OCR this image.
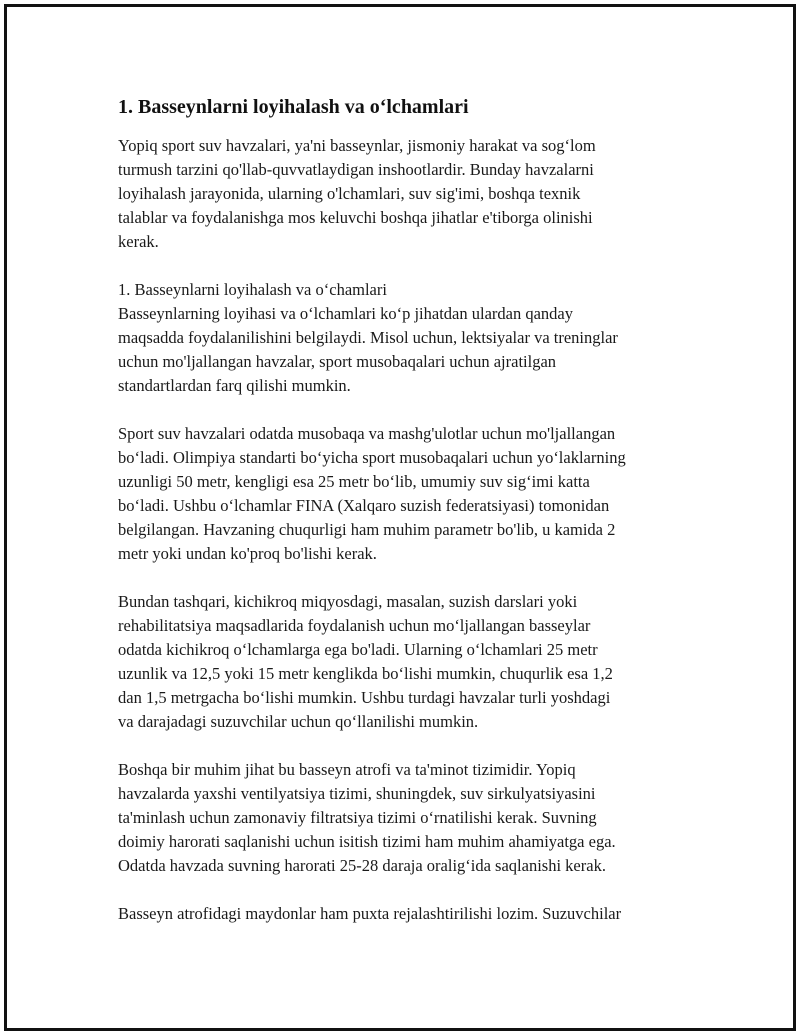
1. Basseynlarni loyihalash va o‘lchamlari

Yopiq sport suv havzalari, ya'ni basseynlar, jismoniy harakat va sog‘lom
turmush tarzini qo'llab-quvvatlaydigan inshootlardir. Bunday havzalarni
loyihalash jarayonida, ularning o'lchamlari, suv sig'imi, boshqa texnik
talablar va foydalanishga mos keluvchi boshqa jihatlar e'tiborga olinishi
kerak.

1. Basseynlarni loyihalash va o‘chamlari
Basseynlarning loyihasi va o‘lchamlari ko‘p jihatdan ulardan qanday
maqsadda foydalanilishini belgilaydi. Misol uchun, lektsiyalar va treninglar
uchun mo'ljallangan havzalar, sport musobaqalari uchun ajratilgan
standartlardan farq qilishi mumkin.

Sport suv havzalari odatda musobaqa va mashg'ulotlar uchun mo'ljallangan
bo‘ladi. Olimpiya standarti bo‘yicha sport musobaqalari uchun yo‘laklarning
uzunligi 50 metr, kengligi esa 25 metr bo‘lib, umumiy suv sig‘imi katta
bo‘ladi. Ushbu o‘lchamlar FINA (Xalqaro suzish federatsiyasi) tomonidan
belgilangan. Havzaning chuqurligi ham muhim parametr bo'lib, u kamida 2
metr yoki undan ko'proq bo'lishi kerak.

Bundan tashqari, kichikroq miqyosdagi, masalan, suzish darslari yoki
rehabilitatsiya maqsadlarida foydalanish uchun mo‘ljallangan basseylar
odatda kichikroq o‘lchamlarga ega bo'ladi. Ularning o‘lchamlari 25 metr
uzunlik va 12,5 yoki 15 metr kenglikda bo‘lishi mumkin, chuqurlik esa 1,2
dan 1,5 metrgacha bo‘lishi mumkin. Ushbu turdagi havzalar turli yoshdagi
va darajadagi suzuvchilar uchun qo‘llanilishi mumkin.

Boshqa bir muhim jihat bu basseyn atrofi va ta'minot tizimidir. Yopiq
havzalarda yaxshi ventilyatsiya tizimi, shuningdek, suv sirkulyatsiyasini
ta'minlash uchun zamonaviy filtratsiya tizimi o‘rnatilishi kerak. Suvning
doimiy harorati saqlanishi uchun isitish tizimi ham muhim ahamiyatga ega.
Odatda havzada suvning harorati 25-28 daraja oralig‘ida saqlanishi kerak.

Basseyn atrofidagi maydonlar ham puxta rejalashtirilishi lozim. Suzuvchilar
